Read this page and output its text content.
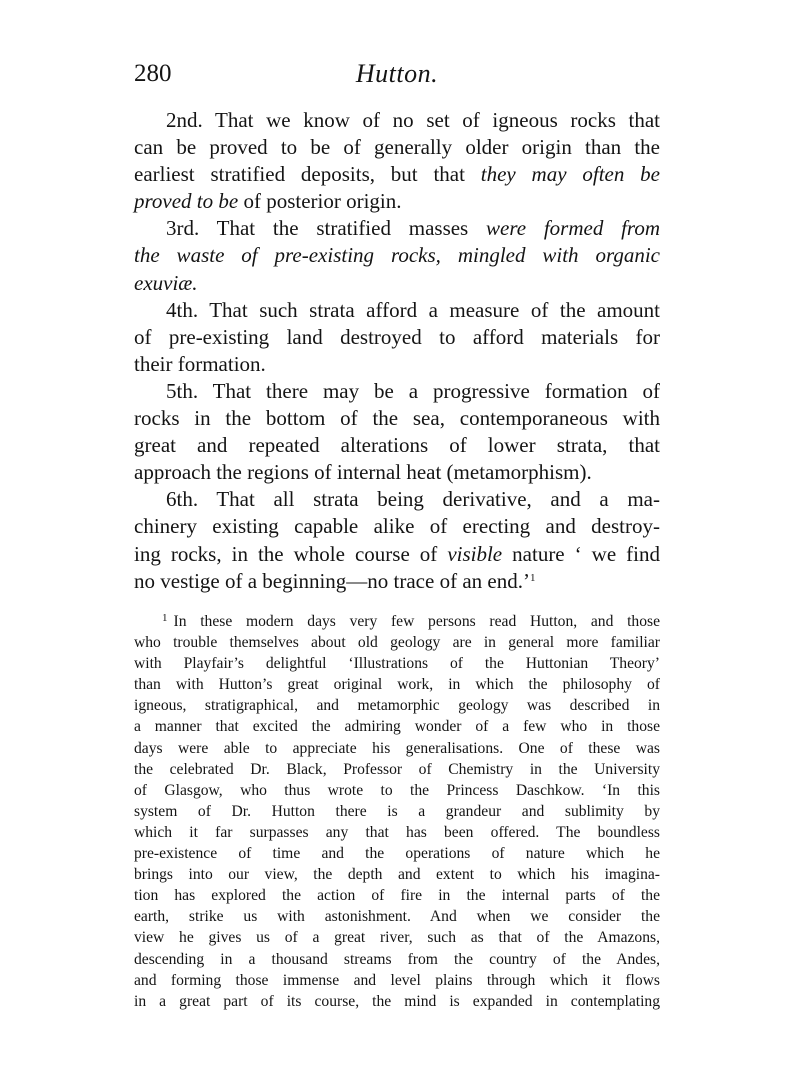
280	Hutton.
2nd. That we know of no set of igneous rocks that
can be proved to be of generally older origin than the
earliest stratified deposits, but that they may often be
proved to be of posterior origin.
3rd. That the stratified masses were formed from
the waste of pre-existing rocks, mingled with organic
exuviæ.
4th. That such strata afford a measure of the amount
of pre-existing land destroyed to afford materials for
their formation.
5th. That there may be a progressive formation of
rocks in the bottom of the sea, contemporaneous with
great and repeated alterations of lower strata, that
approach the regions of internal heat (metamorphism).
6th. That all strata being derivative, and a ma-
chinery existing capable alike of erecting and destroy-
ing rocks, in the whole course of visible nature ‘ we find
no vestige of a beginning—no trace of an end.’$^1$
$^1$ In these modern days very few persons read Hutton, and those
who trouble themselves about old geology are in general more familiar
with Playfair’s delightful ‘Illustrations of the Huttonian Theory’
than with Hutton’s great original work, in which the philosophy of
igneous, stratigraphical, and metamorphic geology was described in
a manner that excited the admiring wonder of a few who in those
days were able to appreciate his generalisations. One of these was
the celebrated Dr. Black, Professor of Chemistry in the University
of Glasgow, who thus wrote to the Princess Daschkow. ‘In this
system of Dr. Hutton there is a grandeur and sublimity by
which it far surpasses any that has been offered. The boundless
pre-existence of time and the operations of nature which he
brings into our view, the depth and extent to which his imagina-
tion has explored the action of fire in the internal parts of the
earth, strike us with astonishment. And when we consider the
view he gives us of a great river, such as that of the Amazons,
descending in a thousand streams from the country of the Andes,
and forming those immense and level plains through which it flows
in a great part of its course, the mind is expanded in contemplating
